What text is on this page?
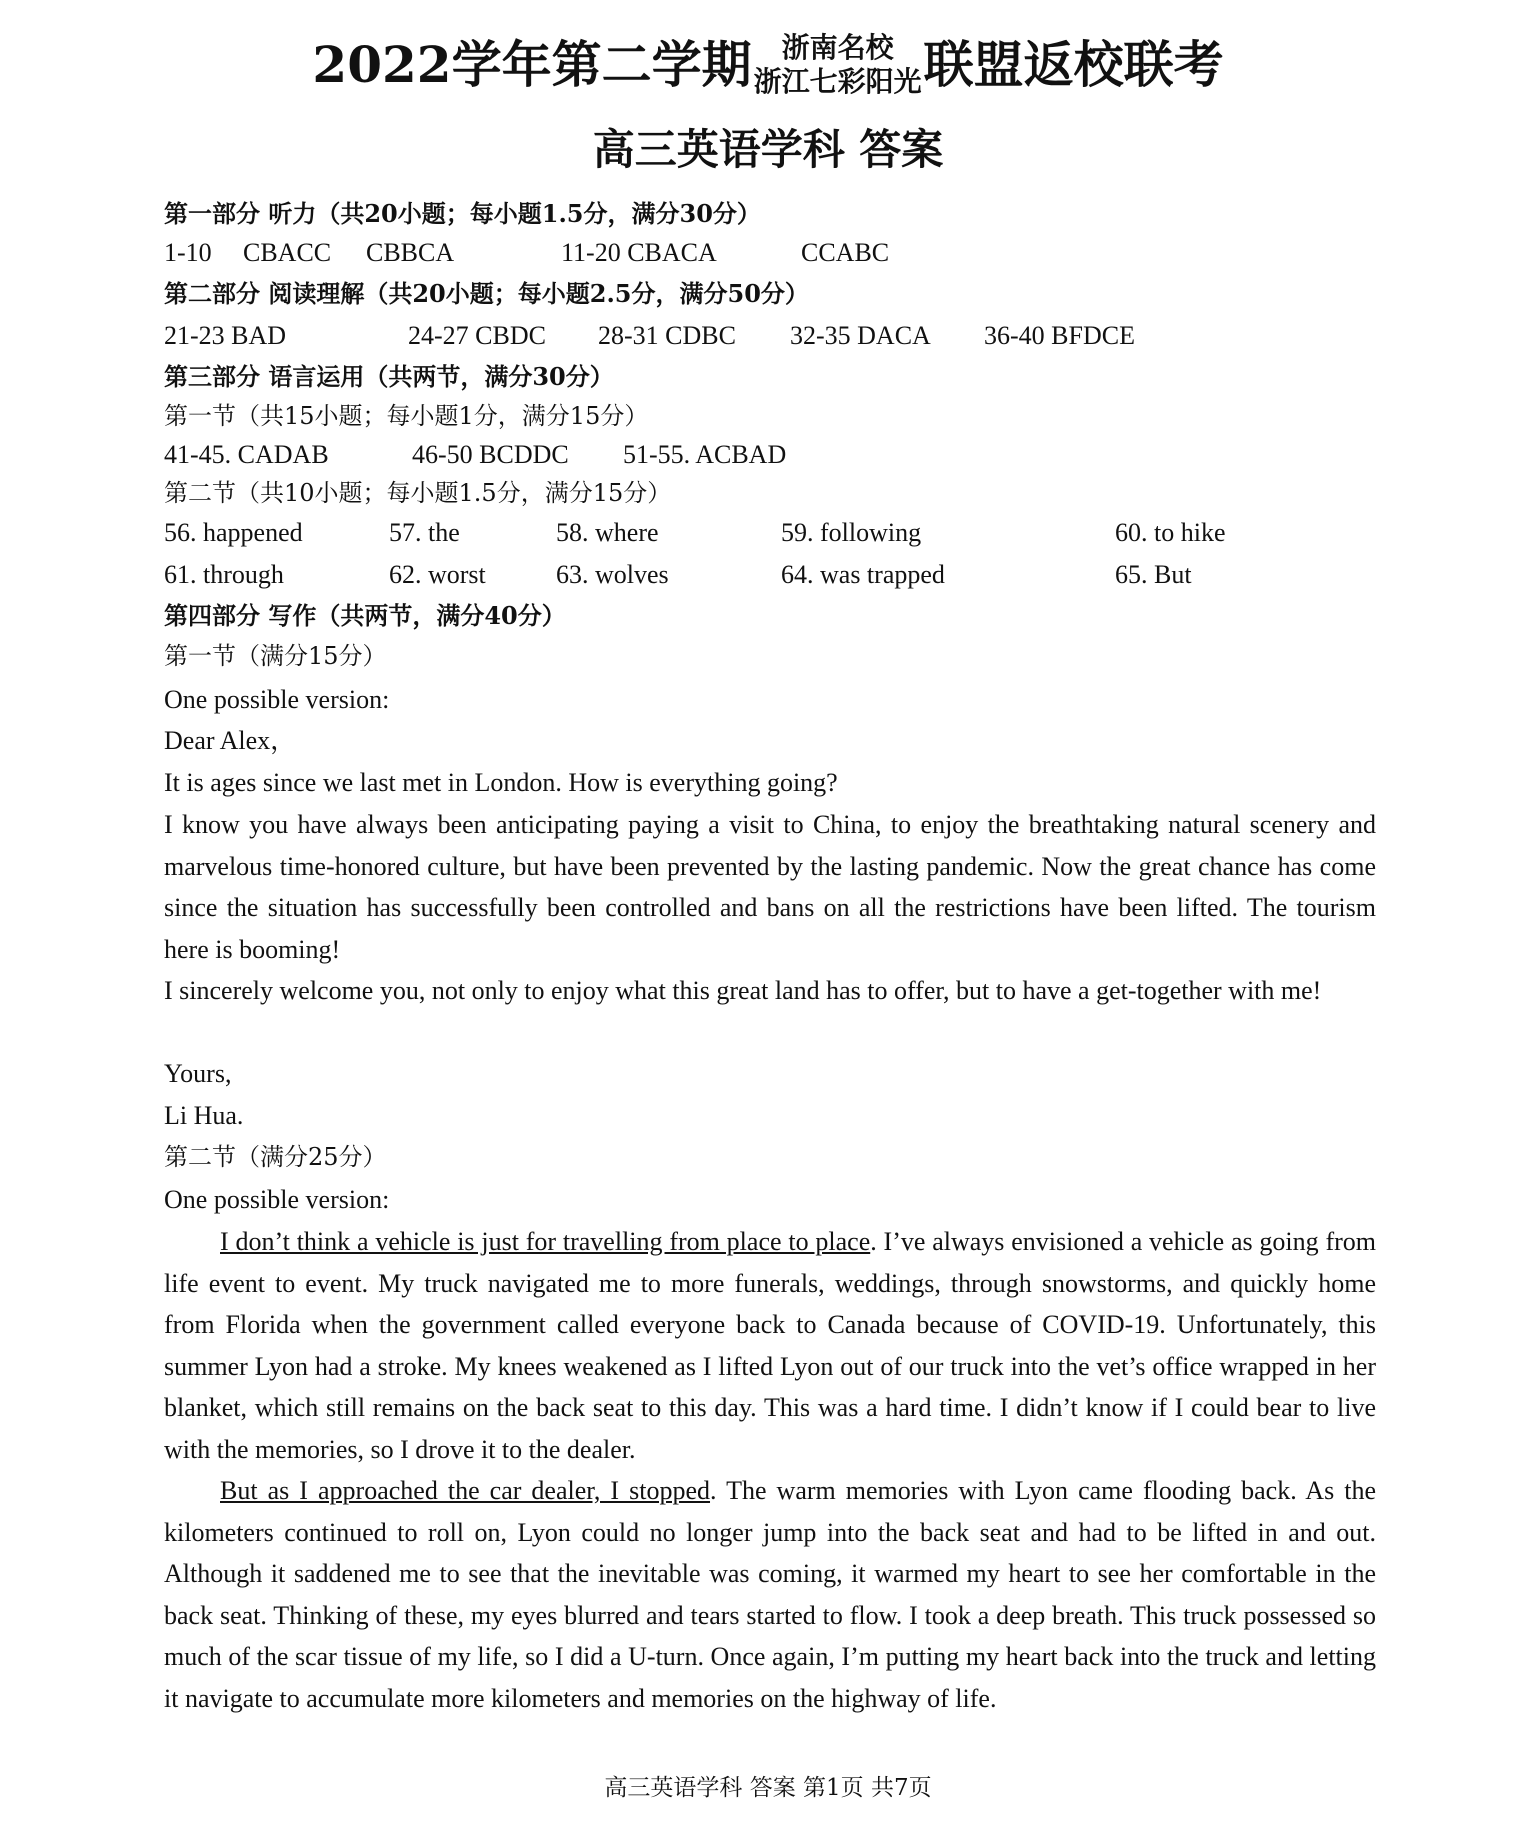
2022学年第二学期 浙南名校
浙江七彩阳光联盟返校联考
高三英语学科 答案
第一部分 听力（共20小题；每小题1.5分，满分30分）
1-10 CBACC CBBCA	11-20 CBACA	CCABC
第二部分 阅读理解（共20小题；每小题2.5分，满分50分）
21-23 BAD	24-27 CBDC 28-31 CDBC 32-35 DACA 36-40 BFDCE
第三部分 语言运用（共两节，满分30分）
第一节（共15小题；每小题1分，满分15分）
41-45. CADAB	46-50 BCDDC 51-55. ACBAD
第二节（共10小题；每小题1.5分，满分15分）
56. happened	57. the	58. where	59. following	60. to hike
61. through	62. worst	63. wolves	64. was trapped	65. But
第四部分 写作（共两节，满分40分）
第一节（满分15分）
One possible version:
Dear Alex，
It is ages since we last met in London. How is everything going?
I know you have always been anticipating paying a visit to China, to enjoy the breathtaking natural scenery and marvelous time-honored culture, but have been prevented by the lasting pandemic. Now the great chance has come since the situation has successfully been controlled and bans on all the restrictions have been lifted. The tourism here is booming!
I sincerely welcome you, not only to enjoy what this great land has to offer, but to have a get-together with me!
Yours,
Li Hua.
第二节（满分25分）
One possible version:
I don’t think a vehicle is just for travelling from place to place. I’ve always envisioned a vehicle as going from life event to event. My truck navigated me to more funerals, weddings, through snowstorms, and quickly home from Florida when the government called everyone back to Canada because of COVID-19. Unfortunately, this summer Lyon had a stroke. My knees weakened as I lifted Lyon out of our truck into the vet’s office wrapped in her blanket, which still remains on the back seat to this day. This was a hard time. I didn’t know if I could bear to live with the memories, so I drove it to the dealer.
But as I approached the car dealer, I stopped. The warm memories with Lyon came flooding back. As the kilometers continued to roll on, Lyon could no longer jump into the back seat and had to be lifted in and out. Although it saddened me to see that the inevitable was coming, it warmed my heart to see her comfortable in the back seat. Thinking of these, my eyes blurred and tears started to flow. I took a deep breath. This truck possessed so much of the scar tissue of my life, so I did a U-turn. Once again, I’m putting my heart back into the truck and letting it navigate to accumulate more kilometers and memories on the highway of life.
高三英语学科 答案 第1页 共7页
